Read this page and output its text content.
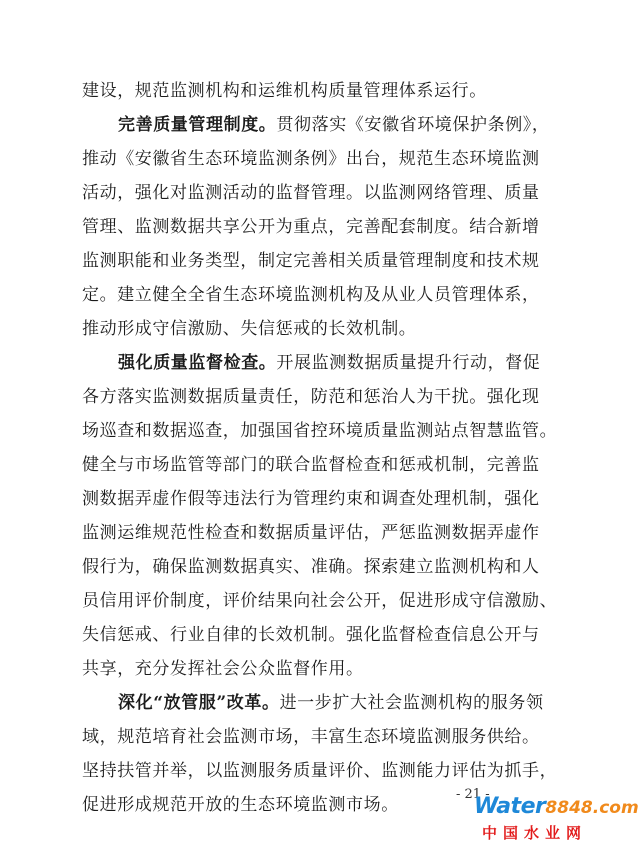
建设，规范监测机构和运维机构质量管理体系运行。
完善质量管理制度。贯彻落实《安徽省环境保护条例》，
推动《安徽省生态环境监测条例》出台，规范生态环境监测
活动，强化对监测活动的监督管理。以监测网络管理、质量
管理、监测数据共享公开为重点，完善配套制度。结合新增
监测职能和业务类型，制定完善相关质量管理制度和技术规
定。建立健全全省生态环境监测机构及从业人员管理体系，
推动形成守信激励、失信惩戒的长效机制。
强化质量监督检查。开展监测数据质量提升行动，督促
各方落实监测数据质量责任，防范和惩治人为干扰。强化现
场巡查和数据巡查，加强国省控环境质量监测站点智慧监管。
健全与市场监管等部门的联合监督检查和惩戒机制，完善监
测数据弄虚作假等违法行为管理约束和调查处理机制，强化
监测运维规范性检查和数据质量评估，严惩监测数据弄虚作
假行为，确保监测数据真实、准确。探索建立监测机构和人
员信用评价制度，评价结果向社会公开，促进形成守信激励、
失信惩戒、行业自律的长效机制。强化监督检查信息公开与
共享，充分发挥社会公众监督作用。
深化“放管服”改革。进一步扩大社会监测机构的服务领
域，规范培育社会监测市场，丰富生态环境监测服务供给。
坚持扶管并举，以监测服务质量评价、监测能力评估为抓手，
促进形成规范开放的生态环境监测市场。
- 21 -
Water8848.com
中国水业网
